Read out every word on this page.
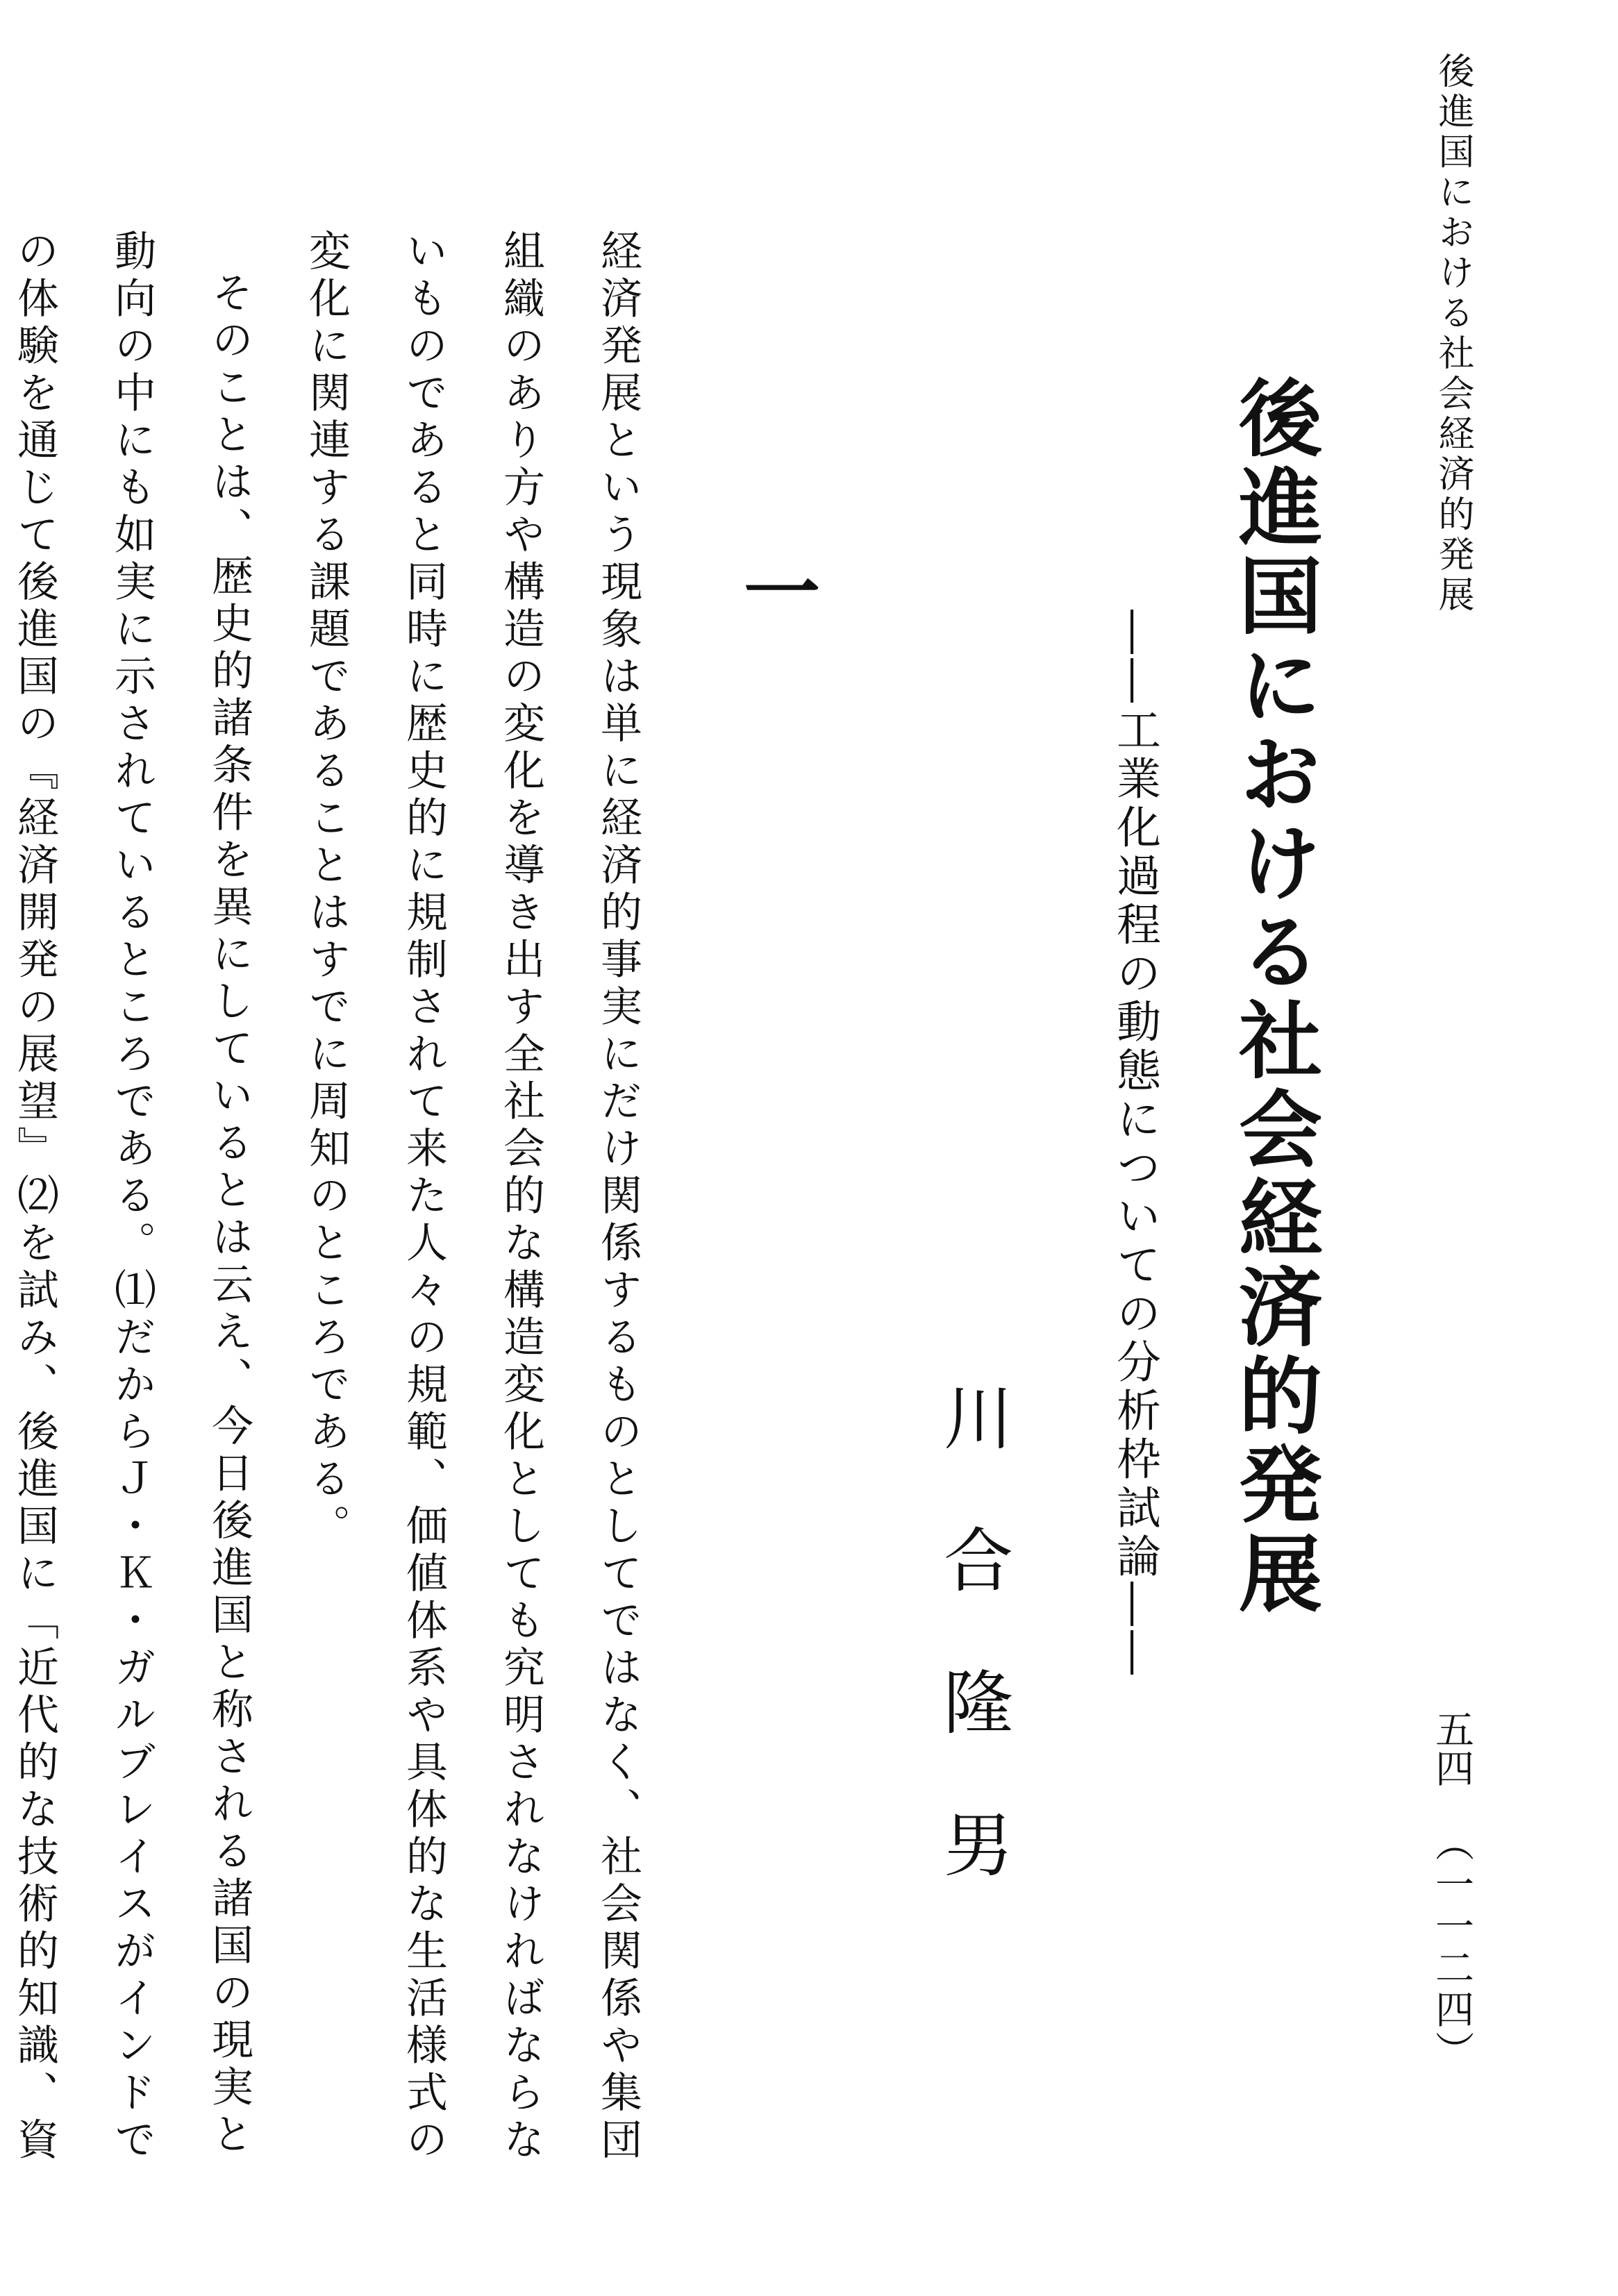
後進国における社会経済的発展
五四
（一一二四）
後進国における社会経済的発展
――工業化過程の動態についての分析枠試論――
川合隆男
一

経済発展という現象は単に経済的事実にだけ関係するものとしてではなく、社会関係や集団組織のあり方や構造の変化を導き出す全社会的な構造変化としても究明されなければならないものであると同時に歴史的に規制されて来た人々の規範、価値体系や具体的な生活様式の変化に関連する課題であることはすでに周知のところである。

そのことは、歴史的諸条件を異にしているとは云え、今日後進国と称される諸国の現実と動向の中にも如実に示されているところである。⑴だからＪ・Ｋ・ガルブレイスがインドでの体験を通じて後進国の『経済開発の展望』⑵を試み、後進国に「近代的な技術的知識、資
